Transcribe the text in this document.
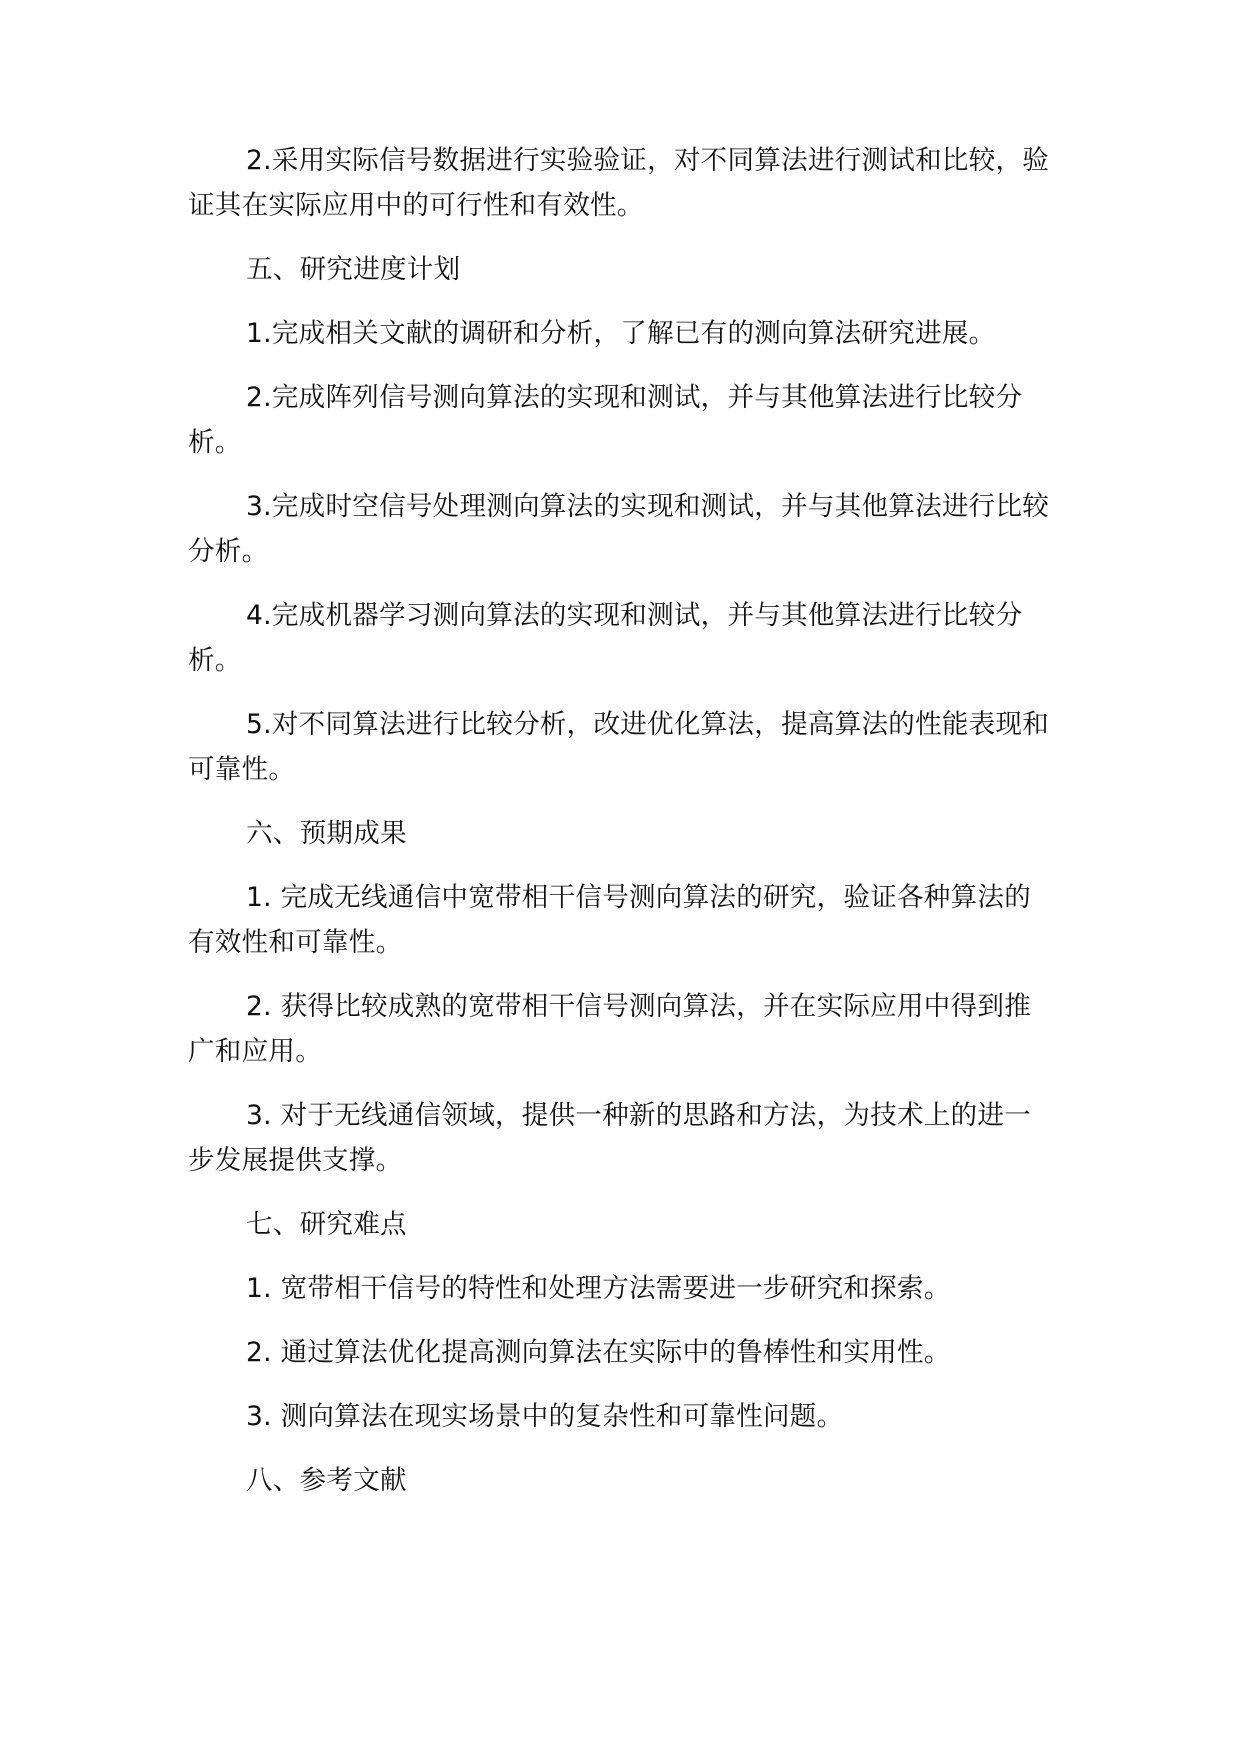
2.采用实际信号数据进行实验验证，对不同算法进行测试和比较，验证其在实际应用中的可行性和有效性。

五、研究进度计划

1.完成相关文献的调研和分析，了解已有的测向算法研究进展。

2.完成阵列信号测向算法的实现和测试，并与其他算法进行比较分析。

3.完成时空信号处理测向算法的实现和测试，并与其他算法进行比较分析。

4.完成机器学习测向算法的实现和测试，并与其他算法进行比较分析。

5.对不同算法进行比较分析，改进优化算法，提高算法的性能表现和可靠性。

六、预期成果

1. 完成无线通信中宽带相干信号测向算法的研究，验证各种算法的有效性和可靠性。

2. 获得比较成熟的宽带相干信号测向算法，并在实际应用中得到推广和应用。

3. 对于无线通信领域，提供一种新的思路和方法，为技术上的进一步发展提供支撑。

七、研究难点

1. 宽带相干信号的特性和处理方法需要进一步研究和探索。

2. 通过算法优化提高测向算法在实际中的鲁棒性和实用性。

3. 测向算法在现实场景中的复杂性和可靠性问题。

八、参考文献
